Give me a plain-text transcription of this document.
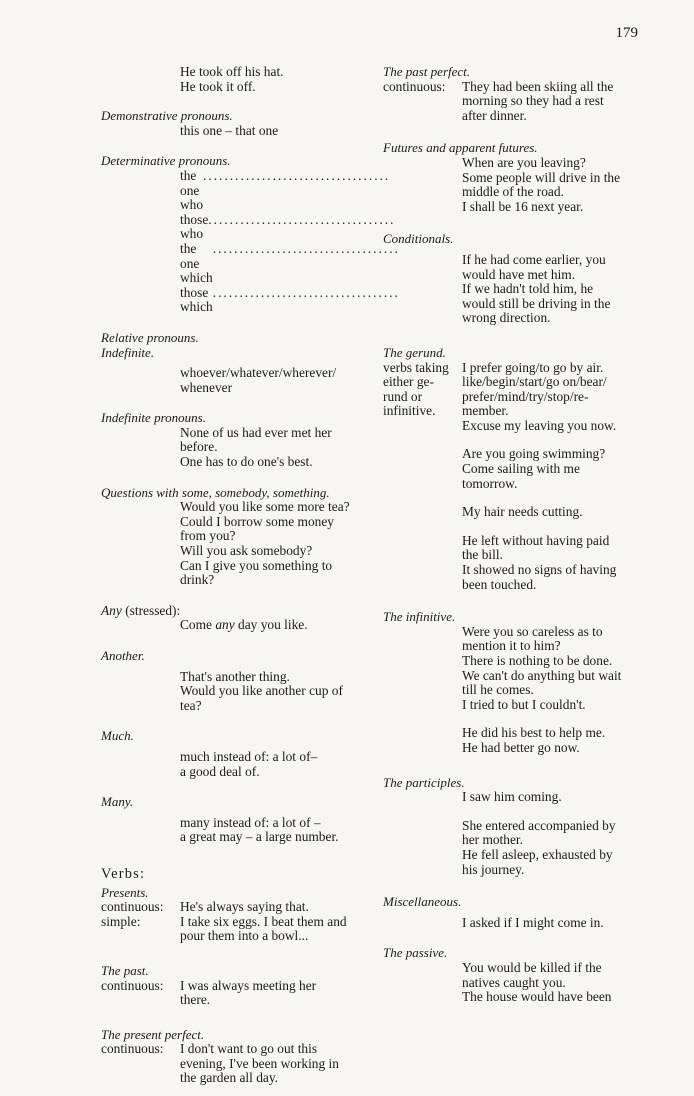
179
He took off his hat.
He took it off.
Demonstrative pronouns.
this one – that one
Determinative pronouns.
the one who
...................................
those who
...................................
the one which
...................................
those which
...................................
Relative pronouns.
Indefinite.
whoever/whatever/wherever/
whenever
Indefinite pronouns.
None of us had ever met her
before.
One has to do one's best.
Questions with some, somebody, something.
Would you like some more tea?
Could I borrow some money
from you?
Will you ask somebody?
Can I give you something to
drink?
Any (stressed):
Come any day you like.
Another.
That's another thing.
Would you like another cup of
tea?
Much.
much instead of: a lot of–
a good deal of.
Many.
many instead of: a lot of –
a great may – a large number.
Verbs:
Presents.
continuous:	He's always saying that.
simple:	I take six eggs. I beat them and
pour them into a bowl...
The past.
continuous:	I was always meeting her
there.
The present perfect.
continuous:	I don't want to go out this
evening, I've been working in
the garden all day.
The past perfect.
continuous:	They had been skiing all the
morning so they had a rest
after dinner.
Futures and apparent futures.
When are you leaving?
Some people will drive in the
middle of the road.
I shall be 16 next year.
Conditionals.
If he had come earlier, you
would have met him.
If we hadn't told him, he
would still be driving in the
wrong direction.
The gerund.
verbs taking
either ge-
rund or
infinitive.
I prefer going/to go by air.
like/begin/start/go on/bear/
prefer/mind/try/stop/re-
member.
Excuse my leaving you now.
Are you going swimming?
Come sailing with me
tomorrow.
My hair needs cutting.
He left without having paid
the bill.
It showed no signs of having
been touched.
The infinitive.
Were you so careless as to
mention it to him?
There is nothing to be done.
We can't do anything but wait
till he comes.
I tried to but I couldn't.
He did his best to help me.
He had better go now.
The participles.
I saw him coming.
She entered accompanied by
her mother.
He fell asleep, exhausted by
his journey.
Miscellaneous.
I asked if I might come in.
The passive.
You would be killed if the
natives caught you.
The house would have been
